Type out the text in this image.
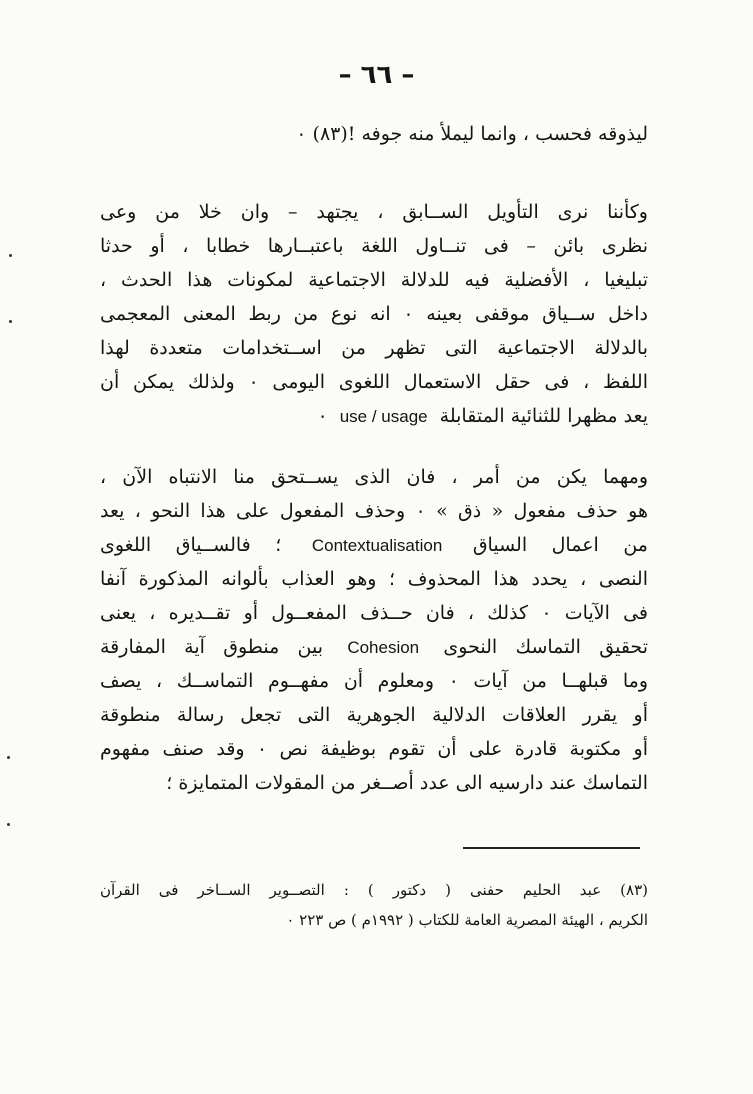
– ٦٦ –
ليذوقه فحسب ، وانما ليملأ منه جوفه !(٨٣) ٠
وكأننا نرى التأويل الســابق ، يجتهد – وان خلا من وعى
نظرى بائن – فى تنــاول اللغة باعتبــارها خطابا ، أو حدثا
تبليغيا ، الأفضلية فيه للدلالة الاجتماعية لمكونات هذا الحدث ،
داخل ســياق موقفى بعينه ٠ انه نوع من ربط المعنى المعجمى
بالدلالة الاجتماعية التى تظهر من اســتخدامات متعددة لهذا
اللفظ ، فى حقل الاستعمال اللغوى اليومى ٠ ولذلك يمكن أن
يعد مظهرا للثنائية المتقابلة use / usage ٠
ومهما يكن من أمر ، فان الذى يســتحق منا الانتباه الآن ،
هو حذف مفعول « ذق » ٠ وحذف المفعول على هذا النحو ، يعد
من اعمال السياق Contextualisation ؛ فالســياق اللغوى
النصى ، يحدد هذا المحذوف ؛ وهو العذاب بألوانه المذكورة آنفا
فى الآيات ٠ كذلك ، فان حــذف المفعــول أو تقــديره ، يعنى
تحقيق التماسك النحوى Cohesion بين منطوق آية المفارقة
وما قبلهــا من آيات ٠ ومعلوم أن مفهــوم التماســك ، يصف
أو يقرر العلاقات الدلالية الجوهرية التى تجعل رسالة منطوقة
أو مكتوبة قادرة على أن تقوم بوظيفة نص ٠ وقد صنف مفهوم
التماسك عند دارسيه الى عدد أصــغر من المقولات المتمايزة ؛
(٨٣) عبد الحليم حفنى ( دكتور ) : التصــوير الســاخر فى القرآن
الكريم ، الهيئة المصرية العامة للكتاب ( ١٩٩٢م ) ص ٢٢٣ ٠
